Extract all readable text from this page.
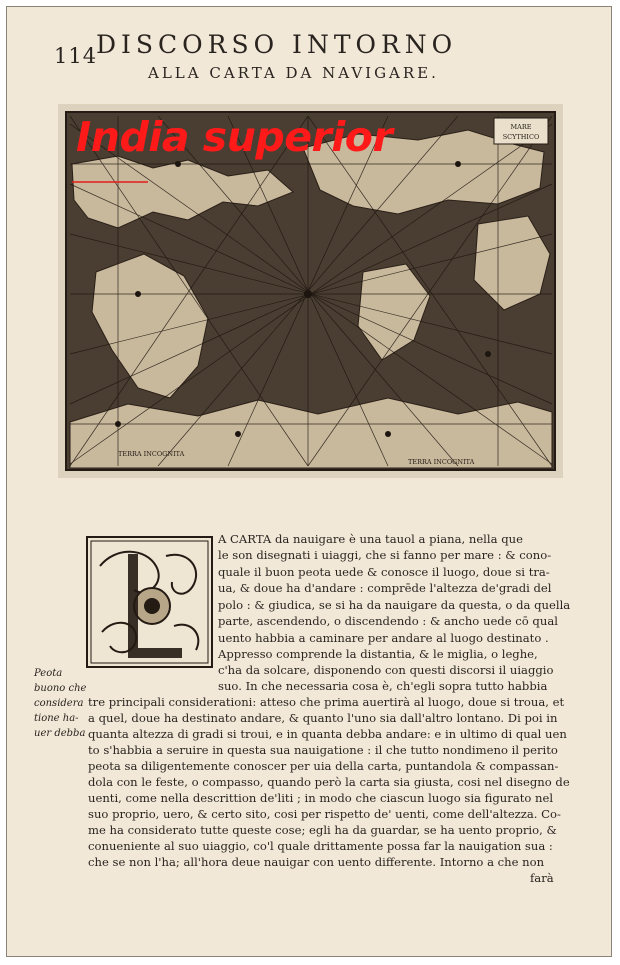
114
DISCORSO INTORNO
ALLA CARTA DA NAVIGARE.
MARE
SCYTHICO
TERRA INCOGNITA
TERRA INCOGNITA
India superior
A CARTA da nauigare è una tauol a piana, nella que
le son disegnati i uiaggi, che si fanno per mare : & cono-
quale il buon peota uede & conosce il luogo, doue si tra-
ua, & doue ha d'andare : comprēde l'altezza de'gradi del
polo : & giudica, se si ha da nauigare da questa, o da quella
parte, ascendendo, o discendendo : & ancho uede cō qual
uento habbia a caminare per andare al luogo destinato .
Appresso comprende la distantia, & le miglia, o leghe,
c'ha da solcare, disponendo con questi discorsi il uiaggio
suo. In che necessaria cosa è, ch'egli sopra tutto habbia
tre principali considerationi: atteso che prima auertirà al luogo, doue si troua, et
a quel, doue ha destinato andare, & quanto l'uno sia dall'altro lontano. Di poi in
quanta altezza di gradi si troui, e in quanta debba andare: e in ultimo di qual uen
to s'habbia a seruire in questa sua nauigatione : il che tutto nondimeno il perito
peota sa diligentemente conoscer per uia della carta, puntandola & compassan-
dola con le feste, o compasso, quando però la carta sia giusta, cosi nel disegno de
uenti, come nella descrittion de'liti ; in modo che ciascun luogo sia figurato nel
suo proprio, uero, & certo sito, cosi per rispetto de' uenti, come dell'altezza. Co-
me ha considerato tutte queste cose; egli ha da guardar, se ha uento proprio, &
conueniente al suo uiaggio, co'l quale drittamente possa far la nauigation sua :
che se non l'ha; all'hora deue nauigar con uento differente. Intorno a che non
farà
Peota
buono che
considera
tione ha-
uer debba
